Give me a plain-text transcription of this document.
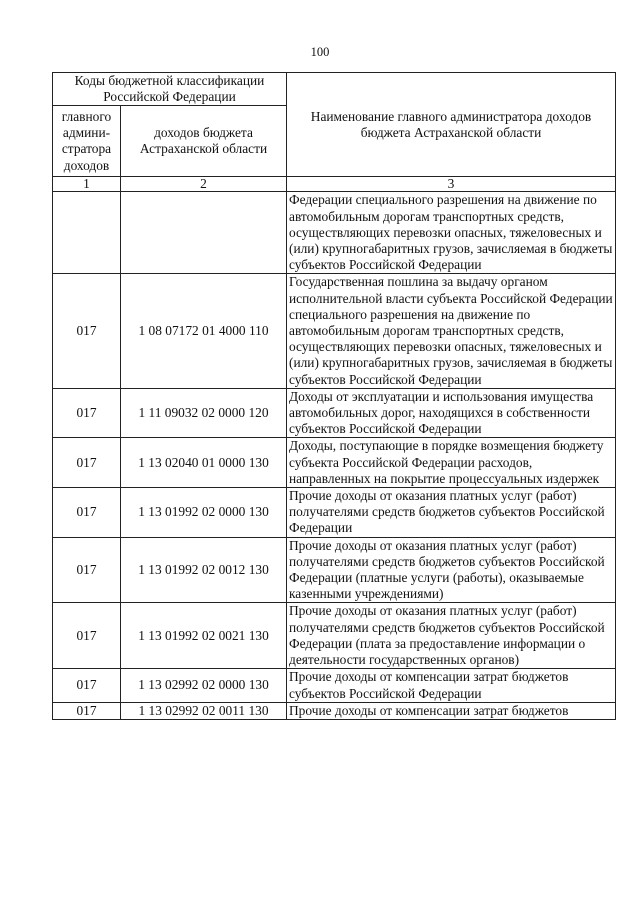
100
Коды бюджетной классификации Российской Федерации		Наименование главного администратора доходов бюджета Астраханской области
главного админи-стратора доходов	доходов бюджета Астраханской области	
1	2	3
		Федерации специального разрешения на движение по автомобильным дорогам транспортных средств, осуществляющих перевозки опасных, тяжеловесных и (или) крупногабаритных грузов, зачисляемая в бюджеты субъектов Российской Федерации
017	1 08 07172 01 4000 110	Государственная пошлина за выдачу органом исполнительной власти субъекта Российской Федерации специального разрешения на движение по автомобильным дорогам транспортных средств, осуществляющих перевозки опасных, тяжеловесных и (или) крупногабаритных грузов, зачисляемая в бюджеты субъектов Российской Федерации
017	1 11 09032 02 0000 120	Доходы от эксплуатации и использования имущества автомобильных дорог, находящихся в собственности субъектов Российской Федерации
017	1 13 02040 01 0000 130	Доходы, поступающие в порядке возмещения бюджету субъекта Российской Федерации расходов, направленных на покрытие процессуальных издержек
017	1 13 01992 02 0000 130	Прочие доходы от оказания платных услуг (работ) получателями средств бюджетов субъектов Российской Федерации
017	1 13 01992 02 0012 130	Прочие доходы от оказания платных услуг (работ) получателями средств бюджетов субъектов Российской Федерации (платные услуги (работы), оказываемые казенными учреждениями)
017	1 13 01992 02 0021 130	Прочие доходы от оказания платных услуг (работ) получателями средств бюджетов субъектов Российской Федерации (плата за предоставление информации о деятельности государственных органов)
017	1 13 02992 02 0000 130	Прочие доходы от компенсации затрат бюджетов субъектов Российской Федерации
017	1 13 02992 02 0011 130	Прочие доходы от компенсации затрат бюджетов
